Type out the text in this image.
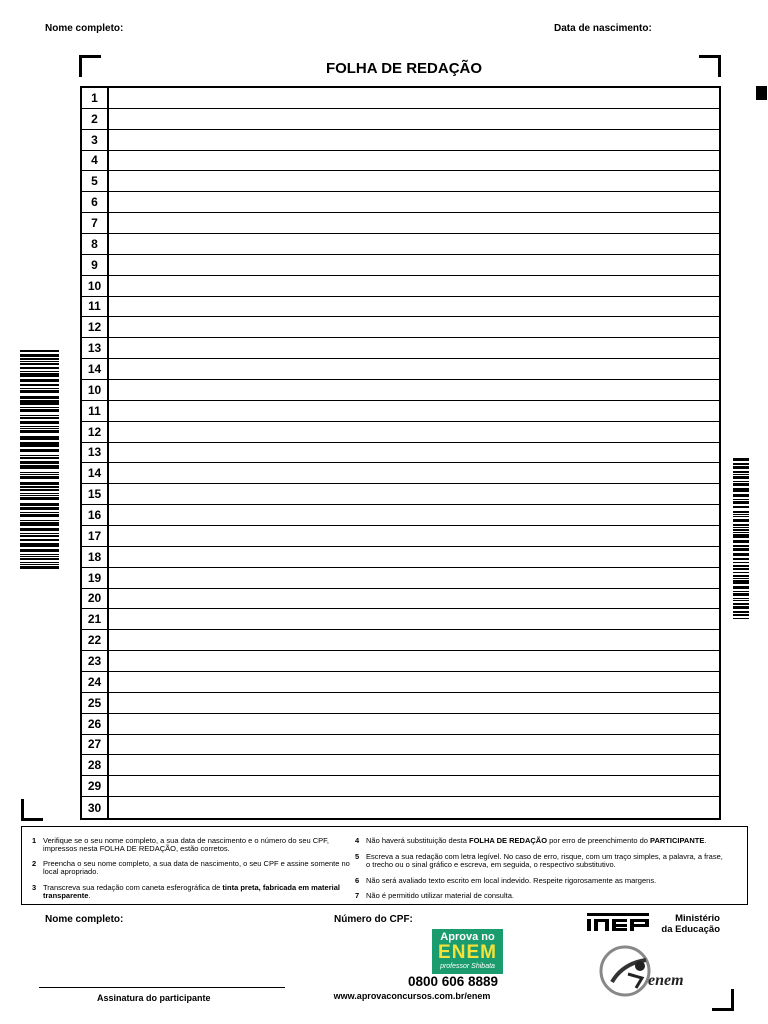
Nome completo:	Data de nascimento:
FOLHA DE REDAÇÃO
1
2
3
4
5
6
7
8
9
10
11
12
13
14
10
11
12
13
14
15
16
17
18
19
20
21
22
23
24
25
26
27
28
29
30
1 Verifique se o seu nome completo, a sua data de nascimento e o número do seu CPF, impressos nesta FOLHA DE REDAÇÃO, estão corretos.
2 Preencha o seu nome completo, a sua data de nascimento, o seu CPF e assine somente no local apropriado.
3 Transcreva sua redação com caneta esferográfica de tinta preta, fabricada em material transparente.
4 Não haverá substituição desta FOLHA DE REDAÇÃO por erro de preenchimento do PARTICIPANTE.
5 Escreva a sua redação com letra legível. No caso de erro, risque, com um traço simples, a palavra, a frase, o trecho ou o sinal gráfico e escreva, em seguida, o respectivo substitutivo.
6 Não será avaliado texto escrito em local indevido. Respeite rigorosamente as margens.
7 Não é permitido utilizar material de consulta.
Nome completo:	Número do CPF:
Assinatura do participante
Aprova no
ENEM
professor Shibata
0800 606 8889
www.aprovaconcursos.com.br/enem
Ministério
da Educação
enem
